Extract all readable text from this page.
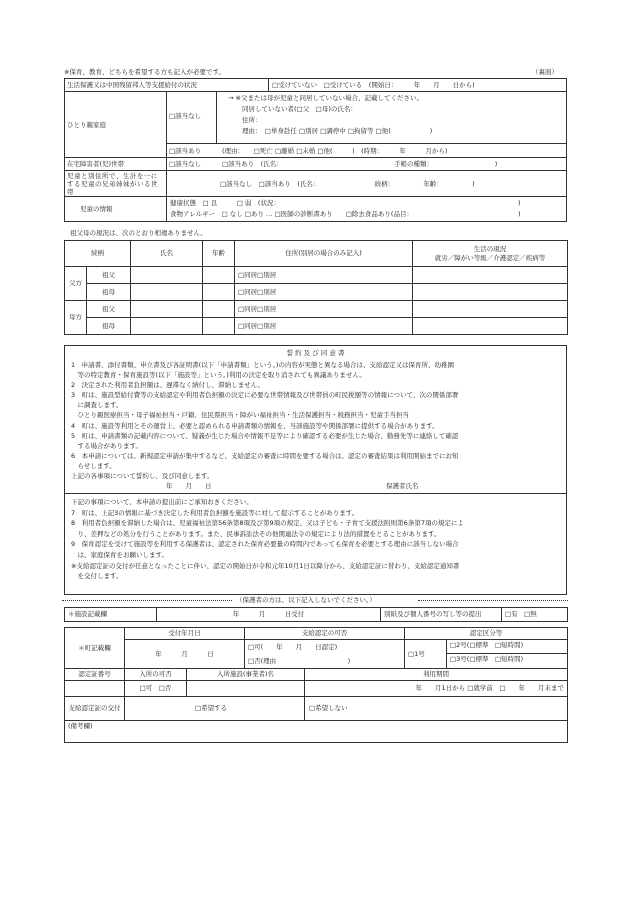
※保育、教育、どちらを希望する方も記入が必要です。	（裏面）
生活保護又は中国残留邦人等支援給付の状況	□受けていない　□受けている　(開始日：　　　年　　月　　日から)
ひとり親家庭
□該当なし
→ ※父または母が児童と同居していない場合、記載してください。
同居していない者(□父　□母)の氏名：
住所：
理由：　□単身赴任 □別居 □調停中 □拘留等 □他(　　　　　　)
□該当あり	(理由：　　□死亡 □離婚 □未婚 □他(　　　)　(時期：　　　年　　　月から)
在宅障害者(児)世帯	□該当なし	□該当あり　(氏名：	手帳の種類：　　　　　　　　　　)
児童と別住所で、生計を一にする児童の兄弟姉妹がいる世帯
□該当なし　□該当あり　(氏名：　　　　　　　　　続柄：　　　　　年齢：　　　　　)
児童の情報
健康状態　□ 良　　　□ 弱　(状況：	)
食物アレルギー　□ なし □あり … □医師の診断書あり　　□除去食品あり(品目：	)
祖父母の現況は、次のとおり相違ありません。
続柄		氏名	年齢	住所(別居の場合のみ記入)	生活の現況
就労／障がい等級／介護認定／疾病等

父方	祖父			□同居□別居	
	祖母			□同居□別居	
母方	祖父			□同居□別居	
	祖母			□同居□別居	
誓 約 及 び 同 意 書
1　申請書、添付書類、申立書及び各証明書(以下「申請書類」という。)の内容が実態と異なる場合は、支給認定又は保育所、幼稚園
　等の特定教育・保育施設等(以下「施設等」という。)利用の決定を取り消されても異議ありません。
2　決定された利用者負担額は、遅滞なく納付し、滞納しません。
3　町は、施設型給付費等の支給認定や利用者負担額の決定に必要な世帯情報及び世帯員の町民税額等の情報について、次の関係部署
　に調査します。
　ひとり親医療担当・母子福祉担当・戸籍、住民票担当・障がい福祉担当・生活保護担当・税務担当・児童手当担当
4　町は、施設等利用とその運営上、必要と認められる申請書類の情報を、当該施設等や関係部署に提供する場合があります。
5　町は、申請書類の記載内容について、疑義が生じた場合や情報不足等により確認する必要が生じた場合、勤務先等に連絡して確認
　する場合があります。
6　本申請については、新規認定申請が集中するなど、支給認定の審査に時間を要する場合は、認定の審査結果は利用開始までにお知
　らせします。
上記の各事項について誓約し、及び同意します。
年　　月　　日	保護者氏名
下記の事項について、本申請の提出前にご承知おきください。
7　町は、上記3の情報に基づき決定した利用者負担額を施設等に対して提示することがあります。
8　利用者負担額を滞納した場合は、児童福祉法第56条第8項及び第9項の規定、又は子ども・子育て支援法附則第6条第7項の規定によ
　り、差押などの処分を行うことがあります。また、民事訴訟法その他関連法令の規定により法的措置をとることがあります。
9　保育認定を受けて施設等を利用する保護者は、認定された保育必要量の時間内であっても保育を必要とする理由に該当しない場合
　は、家庭保育をお願いします。
※支給認定証の交付が任意となったことに伴い、認定の開始日が令和元年10月1日以降分から、支給認定証に替わり、支給認定通知書
　を交付します。
（保護者の方は、以下記入しないでください。）
＊施設記載欄	年　　　月　　　日受付	別紙及び個人番号の写し等の提出	□有　□無
＊町記載欄	受付年月日		支給認定の可否		認定区分等
	年　　　月　　　日		□可(　　年　　月　　日認定)		□1号
□2号(□標準　□短時間)
□3号(□標準　□短時間)

			□否(理由　　　　　　　　　　　)		
認定証番号	入所の可否	入所施設(事業者)名		利用期間	
	□可　□否			年　　月1日から □就学前　□　　年　　月末まで	
支給認定証の交付	□希望する			□希望しない	
(備考欄)					
